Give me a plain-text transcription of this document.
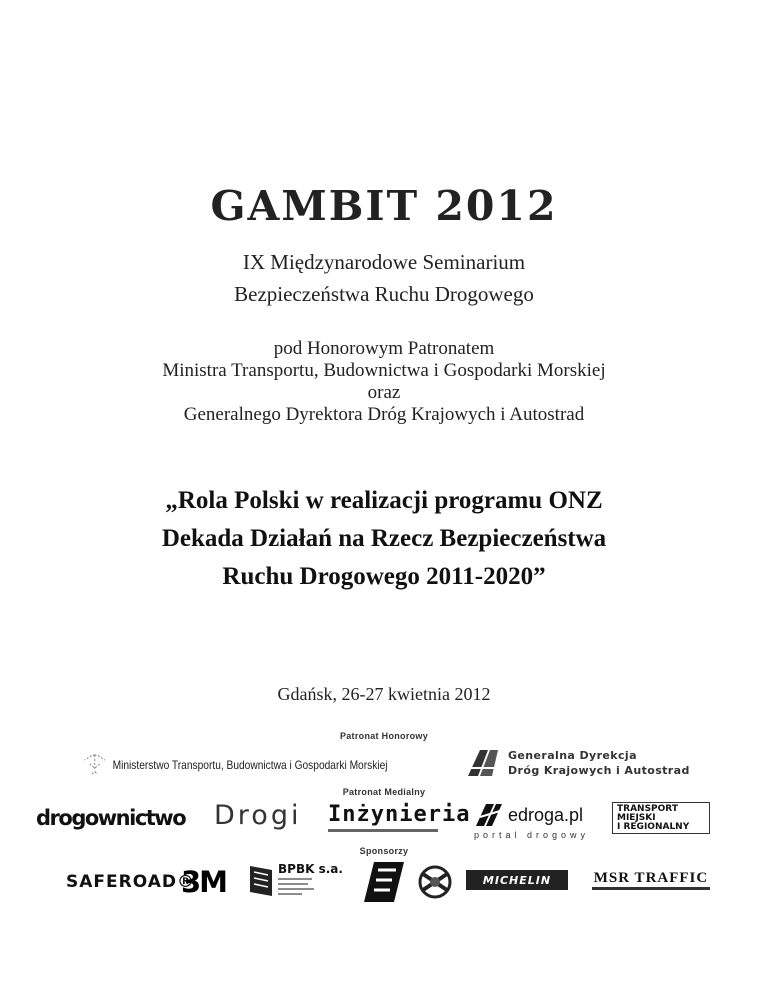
GAMBIT 2012
IX Międzynarodowe Seminarium
Bezpieczeństwa Ruchu Drogowego
pod Honorowym Patronatem
Ministra Transportu, Budownictwa i Gospodarki Morskiej
oraz
Generalnego Dyrektora Dróg Krajowych i Autostrad
„Rola Polski w realizacji programu ONZ
Dekada Działań na Rzecz Bezpieczeństwa
Ruchu Drogowego 2011-2020”
Gdańsk, 26-27 kwietnia 2012
Patronat Honorowy
Ministerstwo Transportu, Budownictwa i Gospodarki Morskiej
Generalna Dyrekcja
Dróg Krajowych i Autostrad
Patronat Medialny
drogownictwo Drogi Inżynieria edroga.pl
portal drogowy
TRANSPORT
MIEJSKI
I REGIONALNY
Sponsorzy
SAFEROAD®
3M	BPBK s.a.
MICHELIN	MSR TRAFFIC
